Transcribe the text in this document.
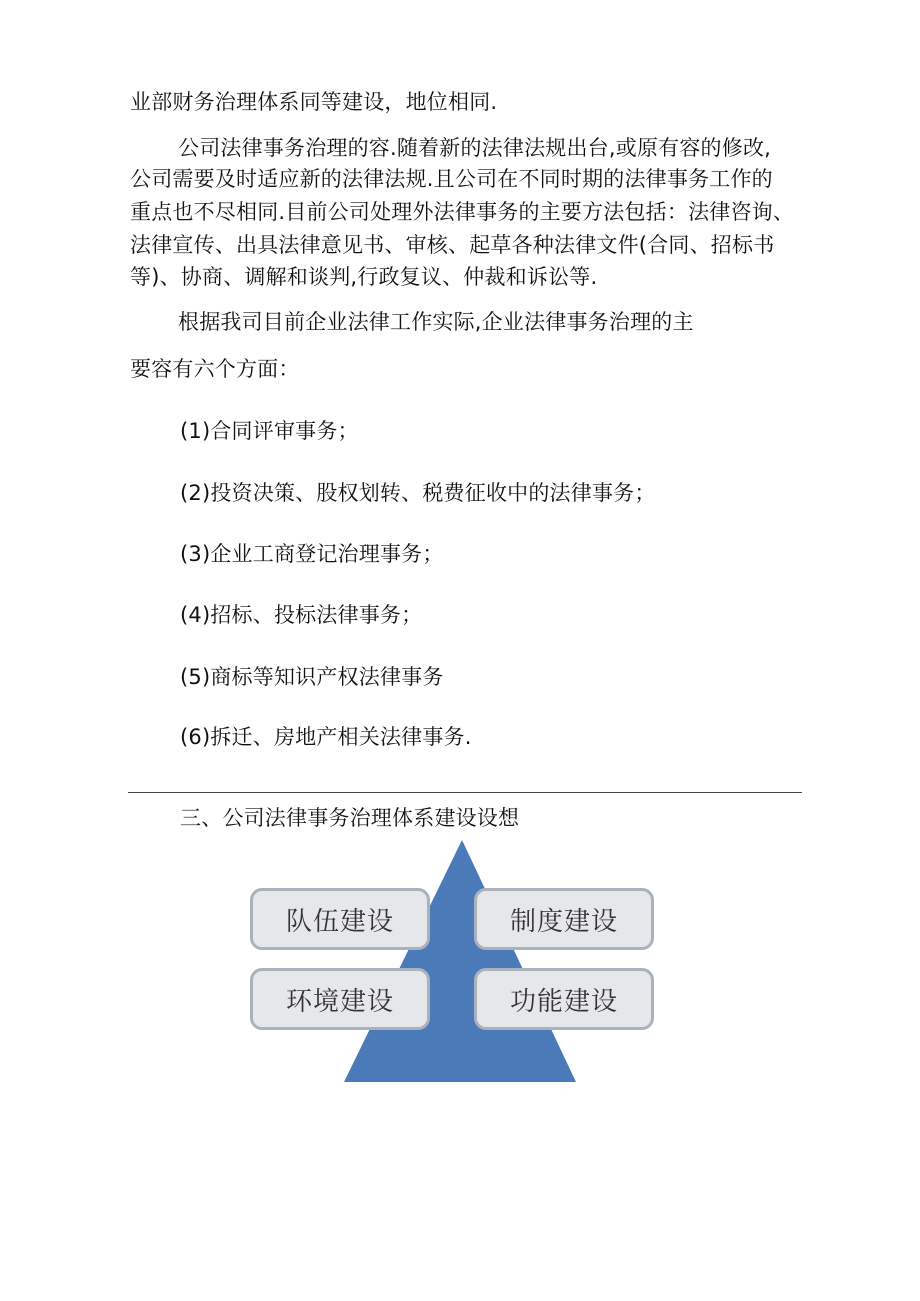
业部财务治理体系同等建设，地位相同.
公司法律事务治理的容.随着新的法律法规出台,或原有容的修改,
公司需要及时适应新的法律法规.且公司在不同时期的法律事务工作的
重点也不尽相同.目前公司处理外法律事务的主要方法包括：法律咨询、
法律宣传、出具法律意见书、审核、起草各种法律文件(合同、招标书
等)、协商、调解和谈判,行政复议、仲裁和诉讼等.
根据我司目前企业法律工作实际,企业法律事务治理的主
要容有六个方面：
(1)合同评审事务；
(2)投资决策、股权划转、税费征收中的法律事务；
(3)企业工商登记治理事务；
(4)招标、投标法律事务；
(5)商标等知识产权法律事务
(6)拆迁、房地产相关法律事务.
三、公司法律事务治理体系建设设想
队伍建设	制度建设
环境建设	功能建设
